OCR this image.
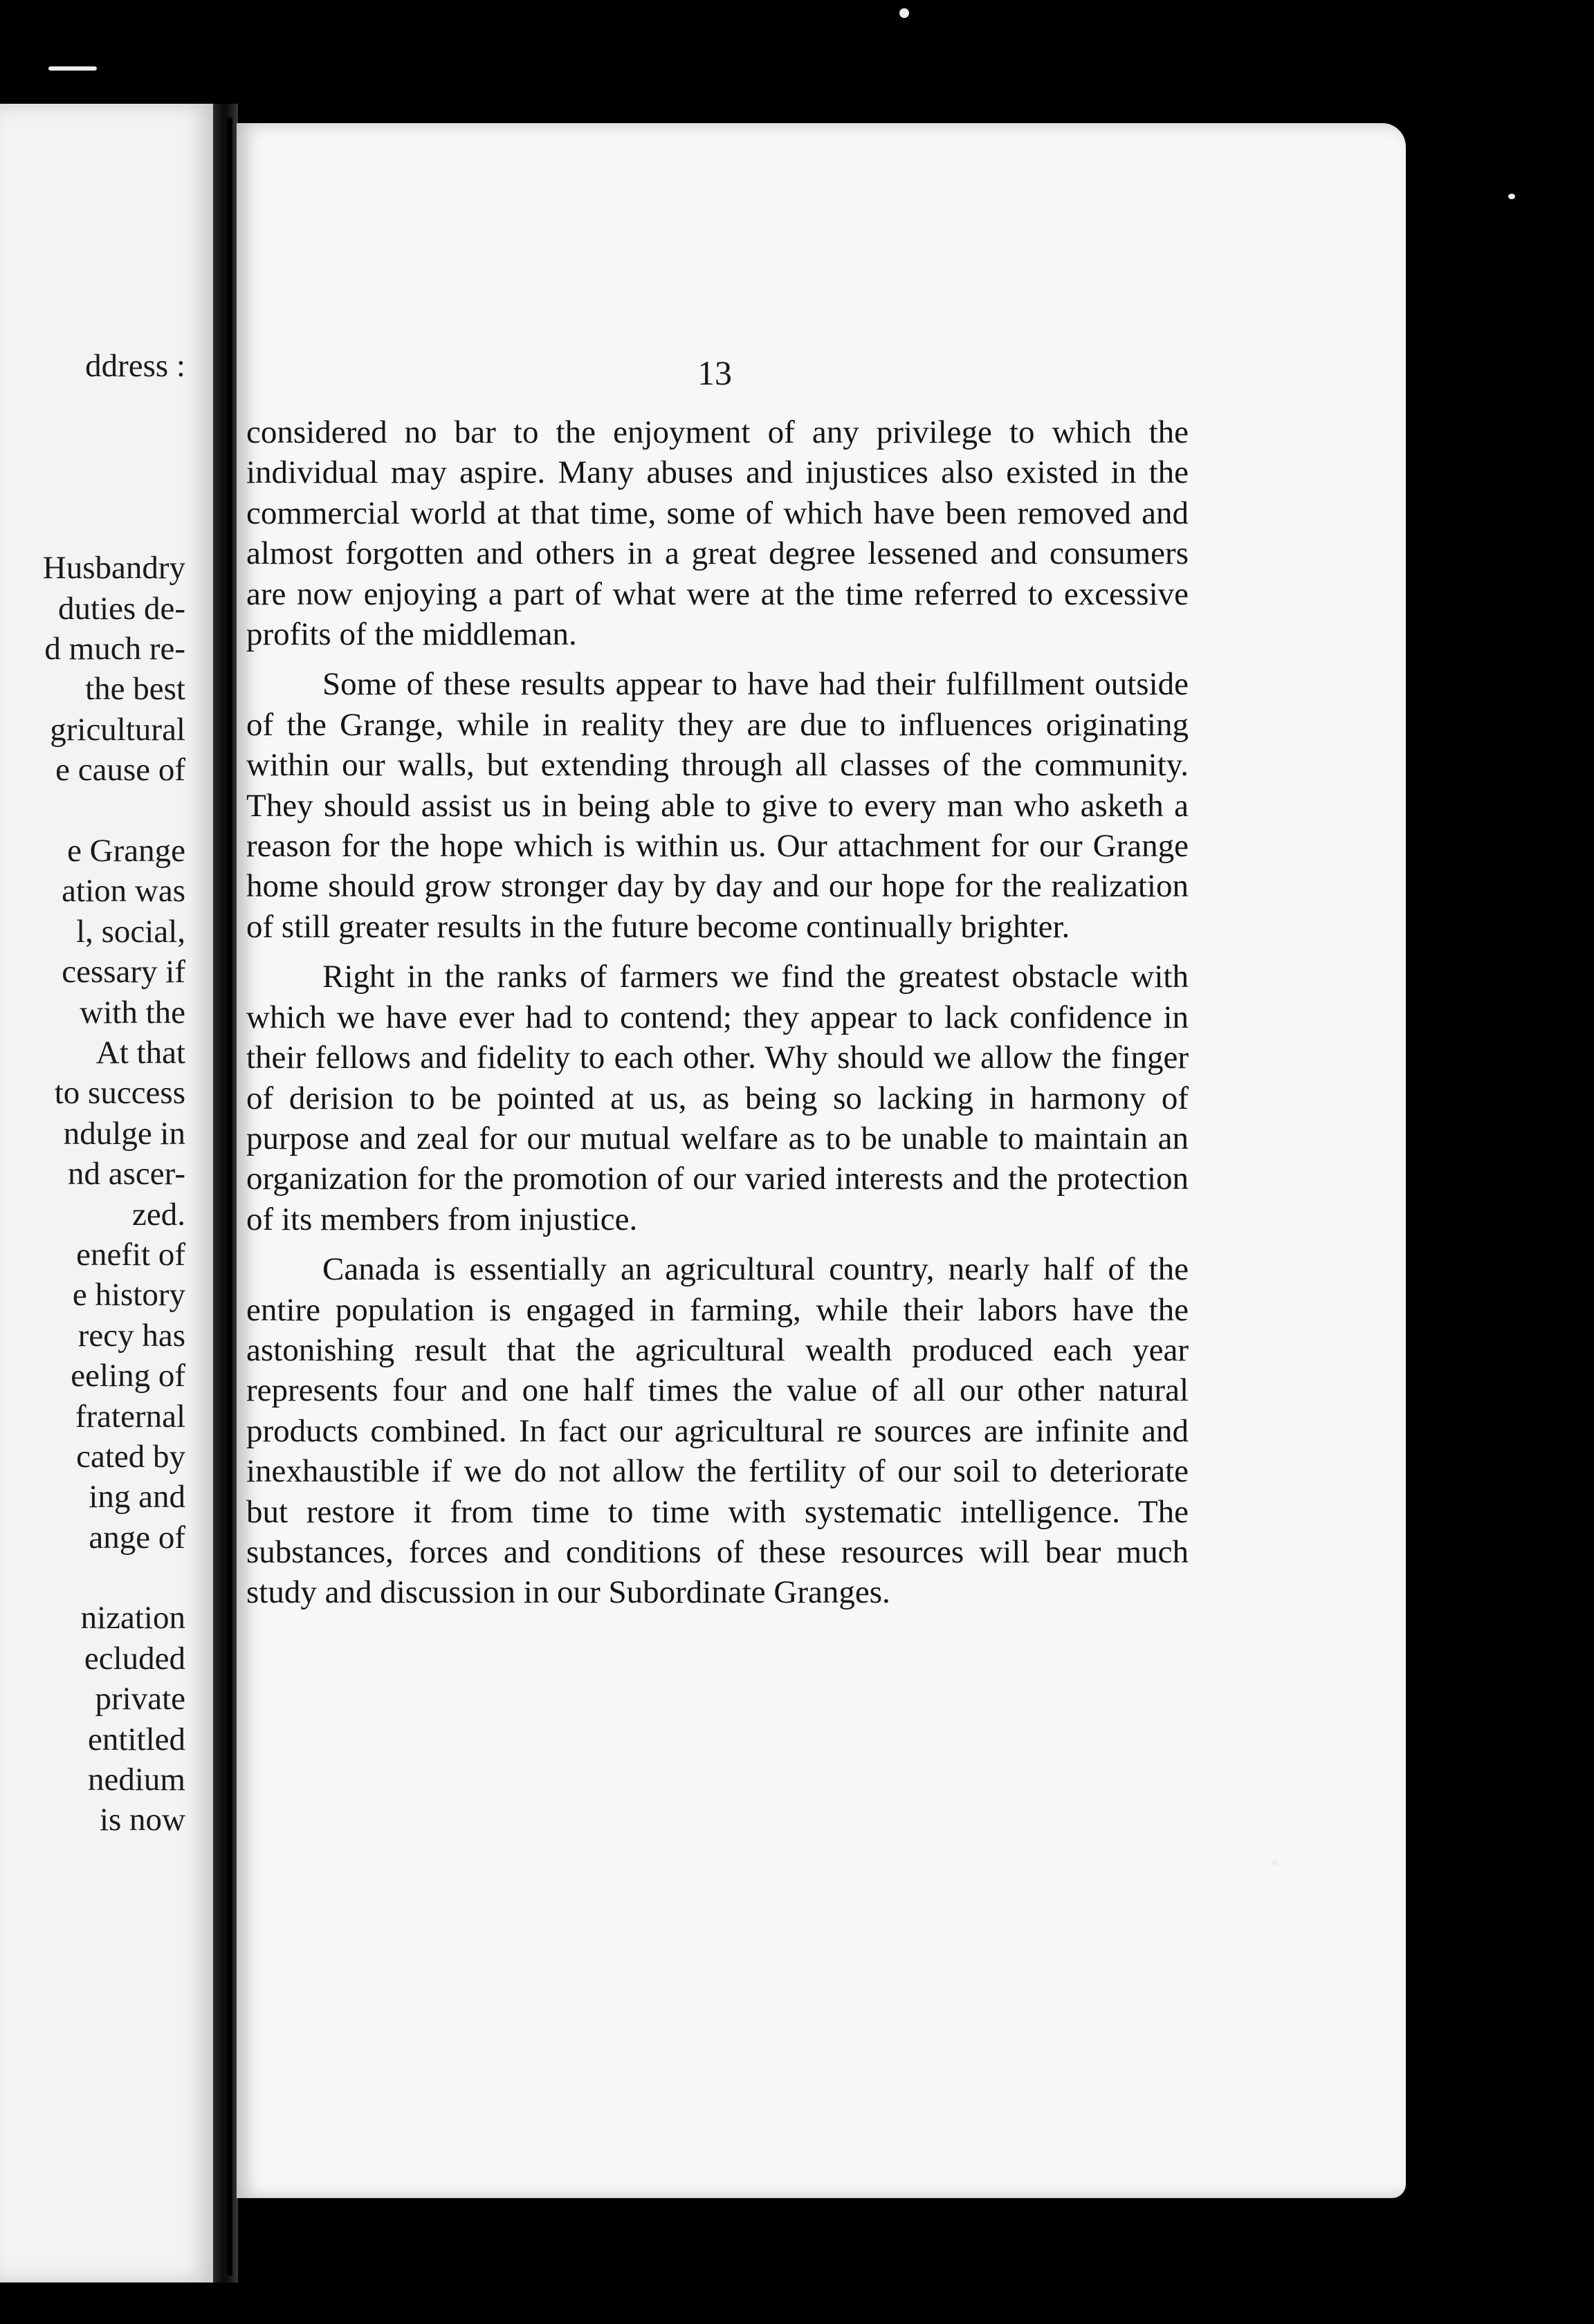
ddress :
Husbandry
duties de-
d much re-
the best
gricultural
e cause of
e Grange
ation was
l, social,
cessary if
with the
At that
to success
ndulge in
nd ascer-
zed.
enefit of
e history
recy has
eeling of
fraternal
cated by
ing and
ange of
nization
ecluded
private
entitled
nedium
is now
13

considered no bar to the enjoyment of any privilege to which the individual may aspire. Many abuses and injustices also existed in the commercial world at that time, some of which have been removed and almost forgotten and others in a great degree lessened and consumers are now enjoying a part of what were at the time referred to excessive profits of the middleman.

Some of these results appear to have had their fulfillment outside of the Grange, while in reality they are due to influences originating within our walls, but extending through all classes of the community. They should assist us in being able to give to every man who asketh a reason for the hope which is within us. Our attachment for our Grange home should grow stronger day by day and our hope for the realization of still greater results in the future become continually brighter.

Right in the ranks of farmers we find the greatest obstacle with which we have ever had to contend; they appear to lack confidence in their fellows and fidelity to each other. Why should we allow the finger of derision to be pointed at us, as being so lacking in harmony of purpose and zeal for our mutual welfare as to be unable to maintain an organization for the promotion of our varied interests and the protection of its members from injustice.

Canada is essentially an agricultural country, nearly half of the entire population is engaged in farming, while their labors have the astonishing result that the agricultural wealth produced each year represents four and one half times the value of all our other natural products combined. In fact our agricultural re sources are infinite and inexhaustible if we do not allow the fertility of our soil to deteriorate but restore it from time to time with systematic intelligence. The substances, forces and conditions of these resources will bear much study and discussion in our Subordinate Granges.
